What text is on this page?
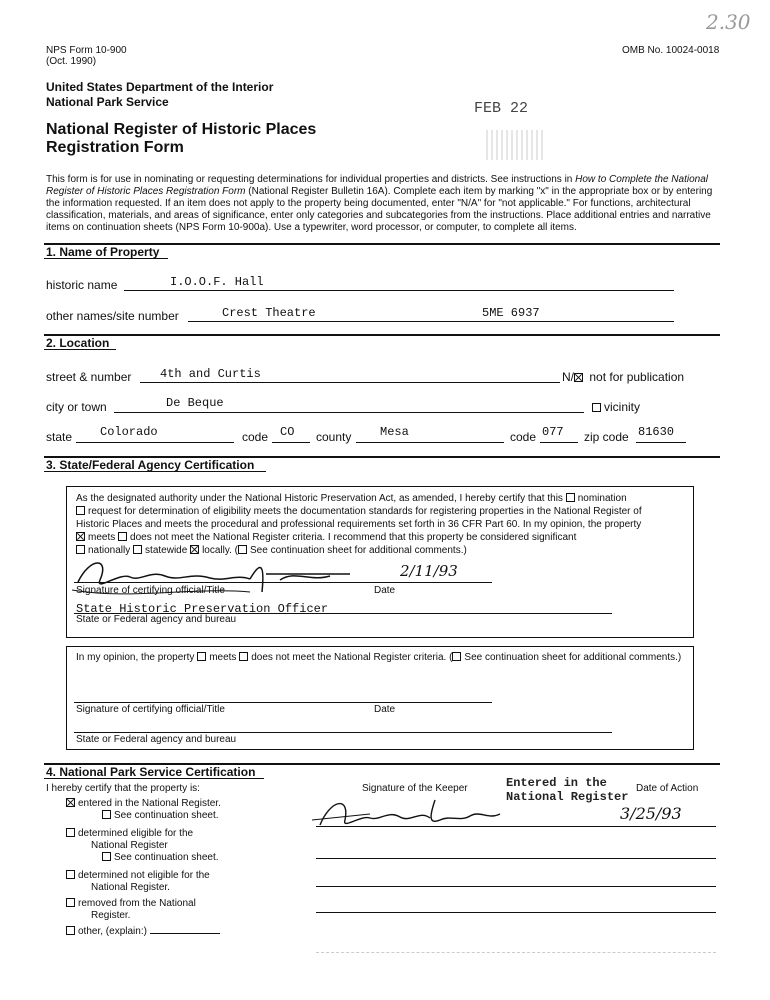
NPS Form 10-900
(Oct. 1990)
OMB No. 10024-0018
2.30
United States Department of the Interior
National Park Service
National Register of Historic Places
Registration Form
FEB 22
This form is for use in nominating or requesting determinations for individual properties and districts. See instructions in How to Complete the National Register of Historic Places Registration Form (National Register Bulletin 16A). Complete each item by marking "x" in the appropriate box or by entering the information requested. If an item does not apply to the property being documented, enter "N/A" for "not applicable." For functions, architectural classification, materials, and areas of significance, enter only categories and subcategories from the instructions. Place additional entries and narrative items on continuation sheets (NPS Form 10-900a). Use a typewriter, word processor, or computer, to complete all items.
1. Name of Property
historic name	I.O.O.F. Hall
other names/site number	Crest Theatre	5ME 6937
2. Location
street & number 4th and Curtis	N/ not for publication
city or town	De Beque	vicinity
state Colorado	code CO county Mesa	code 077 zip code 81630
3. State/Federal Agency Certification
As the designated authority under the National Historic Preservation Act, as amended, I hereby certify that this nomination
request for determination of eligibility meets the documentation standards for registering properties in the National Register of
Historic Places and meets the procedural and professional requirements set forth in 36 CFR Part 60. In my opinion, the property
meets does not meet the National Register criteria. I recommend that this property be considered significant
nationally statewide locally. ( See continuation sheet for additional comments.)
2/11/93
Signature of certifying official/Title	Date
State Historic Preservation Officer
State or Federal agency and bureau
In my opinion, the property meets does not meet the National Register criteria. ( See continuation sheet for additional comments.)
Signature of certifying official/Title	Date
State or Federal agency and bureau
4. National Park Service Certification
I hereby certify that the property is:
entered in the National Register.
See continuation sheet.
determined eligible for the
National Register
See continuation sheet.
determined not eligible for the
National Register.
removed from the National
Register.
other, (explain:)
Signature of the Keeper	Date of Action
Entered in the
National Register
3/25/93
